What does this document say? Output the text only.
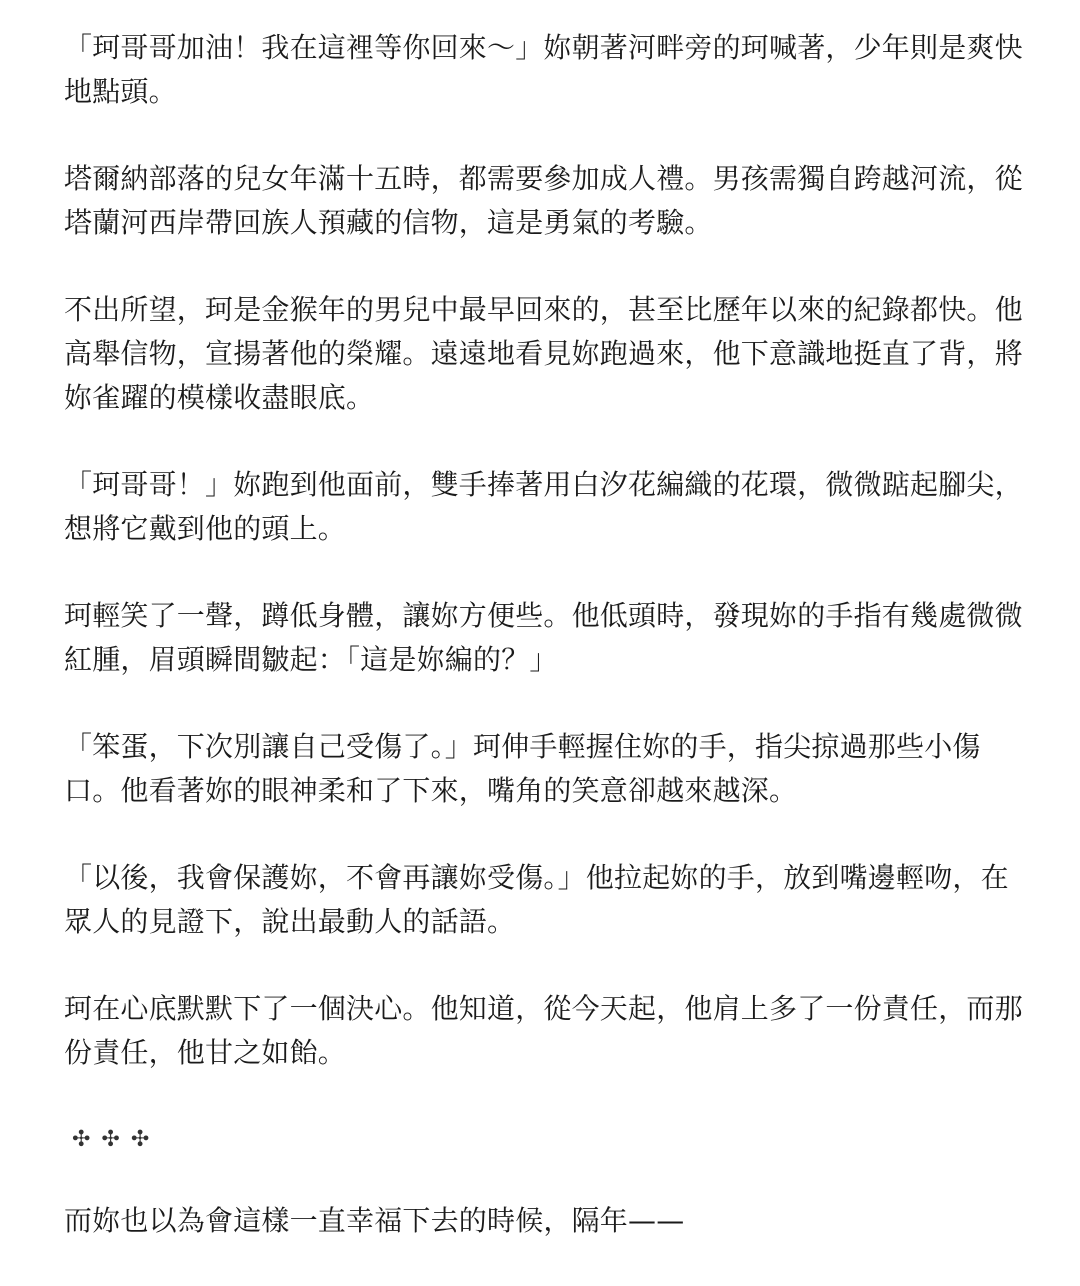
「珂哥哥加油！我在這裡等你回來～」妳朝著河畔旁的珂喊著，少年則是爽快地點頭。

塔爾納部落的兒女年滿十五時，都需要參加成人禮。男孩需獨自跨越河流，從塔蘭河西岸帶回族人預藏的信物，這是勇氣的考驗。

不出所望，珂是金猴年的男兒中最早回來的，甚至比歷年以來的紀錄都快。他高舉信物，宣揚著他的榮耀。遠遠地看見妳跑過來，他下意識地挺直了背，將妳雀躍的模樣收盡眼底。

「珂哥哥！」妳跑到他面前，雙手捧著用白汐花編織的花環，微微踮起腳尖，想將它戴到他的頭上。

珂輕笑了一聲，蹲低身體，讓妳方便些。他低頭時，發現妳的手指有幾處微微紅腫，眉頭瞬間皺起：「這是妳編的？」

「笨蛋，下次別讓自己受傷了。」珂伸手輕握住妳的手，指尖掠過那些小傷口。他看著妳的眼神柔和了下來，嘴角的笑意卻越來越深。

「以後，我會保護妳，不會再讓妳受傷。」他拉起妳的手，放到嘴邊輕吻，在眾人的見證下，說出最動人的話語。

珂在心底默默下了一個決心。他知道，從今天起，他肩上多了一份責任，而那份責任，他甘之如飴。

✣ ✣ ✣

而妳也以為會這樣一直幸福下去的時候，隔年——
